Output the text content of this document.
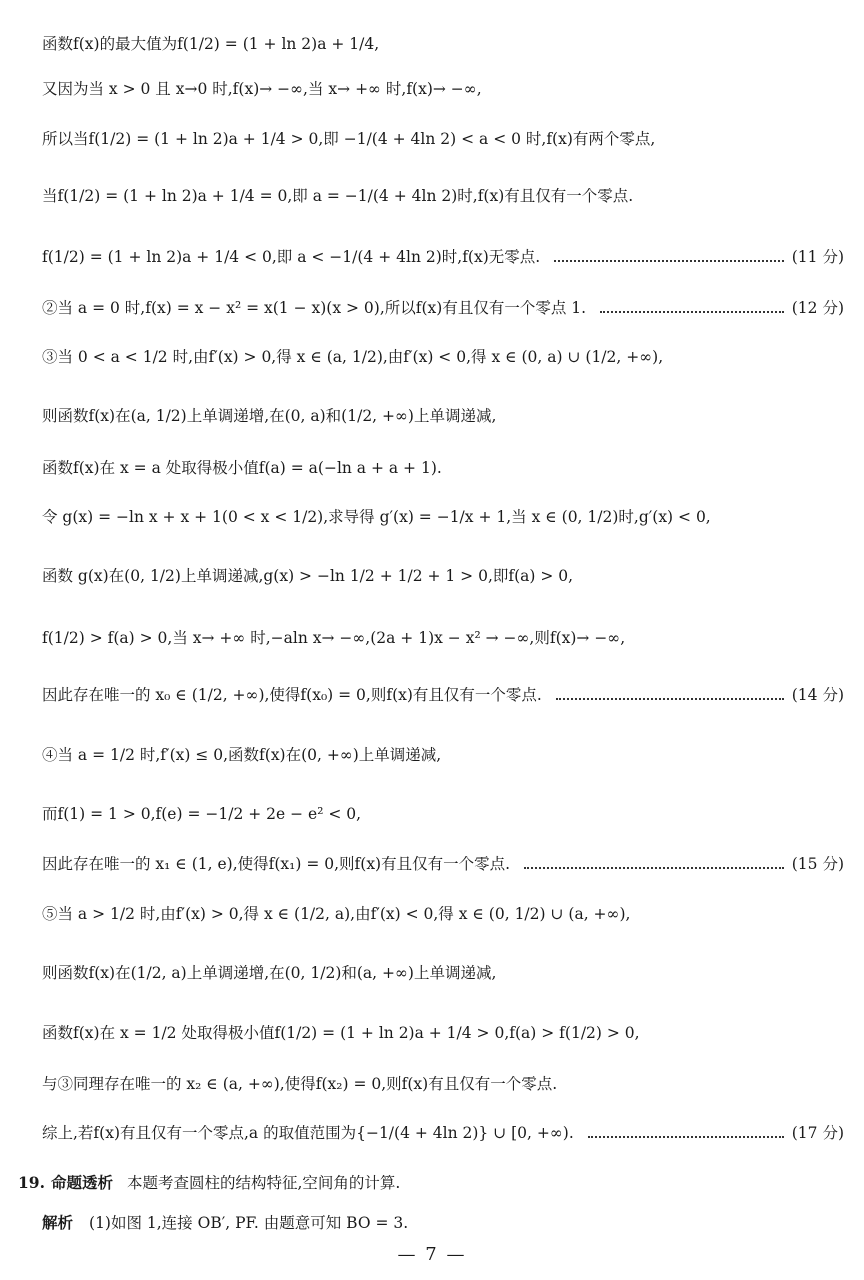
函数f(x)的最大值为f(1/2) = (1 + ln 2)a + 1/4,
又因为当 x > 0 且 x→0 时,f(x)→ −∞,当 x→ +∞ 时,f(x)→ −∞,
所以当f(1/2) = (1 + ln 2)a + 1/4 > 0,即 −1/(4 + 4ln 2) < a < 0 时,f(x)有两个零点,
当f(1/2) = (1 + ln 2)a + 1/4 = 0,即 a = −1/(4 + 4ln 2)时,f(x)有且仅有一个零点.
f(1/2) = (1 + ln 2)a + 1/4 < 0,即 a < −1/(4 + 4ln 2)时,f(x)无零点.	(11 分)
②当 a = 0 时,f(x) = x − x² = x(1 − x)(x > 0),所以f(x)有且仅有一个零点 1.	(12 分)
③当 0 < a < 1/2 时,由f′(x) > 0,得 x ∈ (a, 1/2),由f′(x) < 0,得 x ∈ (0, a) ∪ (1/2, +∞),
则函数f(x)在(a, 1/2)上单调递增,在(0, a)和(1/2, +∞)上单调递减,
函数f(x)在 x = a 处取得极小值f(a) = a(−ln a + a + 1).
令 g(x) = −ln x + x + 1(0 < x < 1/2),求导得 g′(x) = −1/x + 1,当 x ∈ (0, 1/2)时,g′(x) < 0,
函数 g(x)在(0, 1/2)上单调递减,g(x) > −ln 1/2 + 1/2 + 1 > 0,即f(a) > 0,
f(1/2) > f(a) > 0,当 x→ +∞ 时,−aln x→ −∞,(2a + 1)x − x² → −∞,则f(x)→ −∞,
因此存在唯一的 x₀ ∈ (1/2, +∞),使得f(x₀) = 0,则f(x)有且仅有一个零点.	(14 分)
④当 a = 1/2 时,f′(x) ≤ 0,函数f(x)在(0, +∞)上单调递减,
而f(1) = 1 > 0,f(e) = −1/2 + 2e − e² < 0,
因此存在唯一的 x₁ ∈ (1, e),使得f(x₁) = 0,则f(x)有且仅有一个零点.	(15 分)
⑤当 a > 1/2 时,由f′(x) > 0,得 x ∈ (1/2, a),由f′(x) < 0,得 x ∈ (0, 1/2) ∪ (a, +∞),
则函数f(x)在(1/2, a)上单调递增,在(0, 1/2)和(a, +∞)上单调递减,
函数f(x)在 x = 1/2 处取得极小值f(1/2) = (1 + ln 2)a + 1/4 > 0,f(a) > f(1/2) > 0,
与③同理存在唯一的 x₂ ∈ (a, +∞),使得f(x₂) = 0,则f(x)有且仅有一个零点.
综上,若f(x)有且仅有一个零点,a 的取值范围为{−1/(4 + 4ln 2)} ∪ [0, +∞).	(17 分)
19. 命题透析 本题考查圆柱的结构特征,空间角的计算.
解析 (1)如图 1,连接 OB′, PF. 由题意可知 BO = 3.
— 7 —
